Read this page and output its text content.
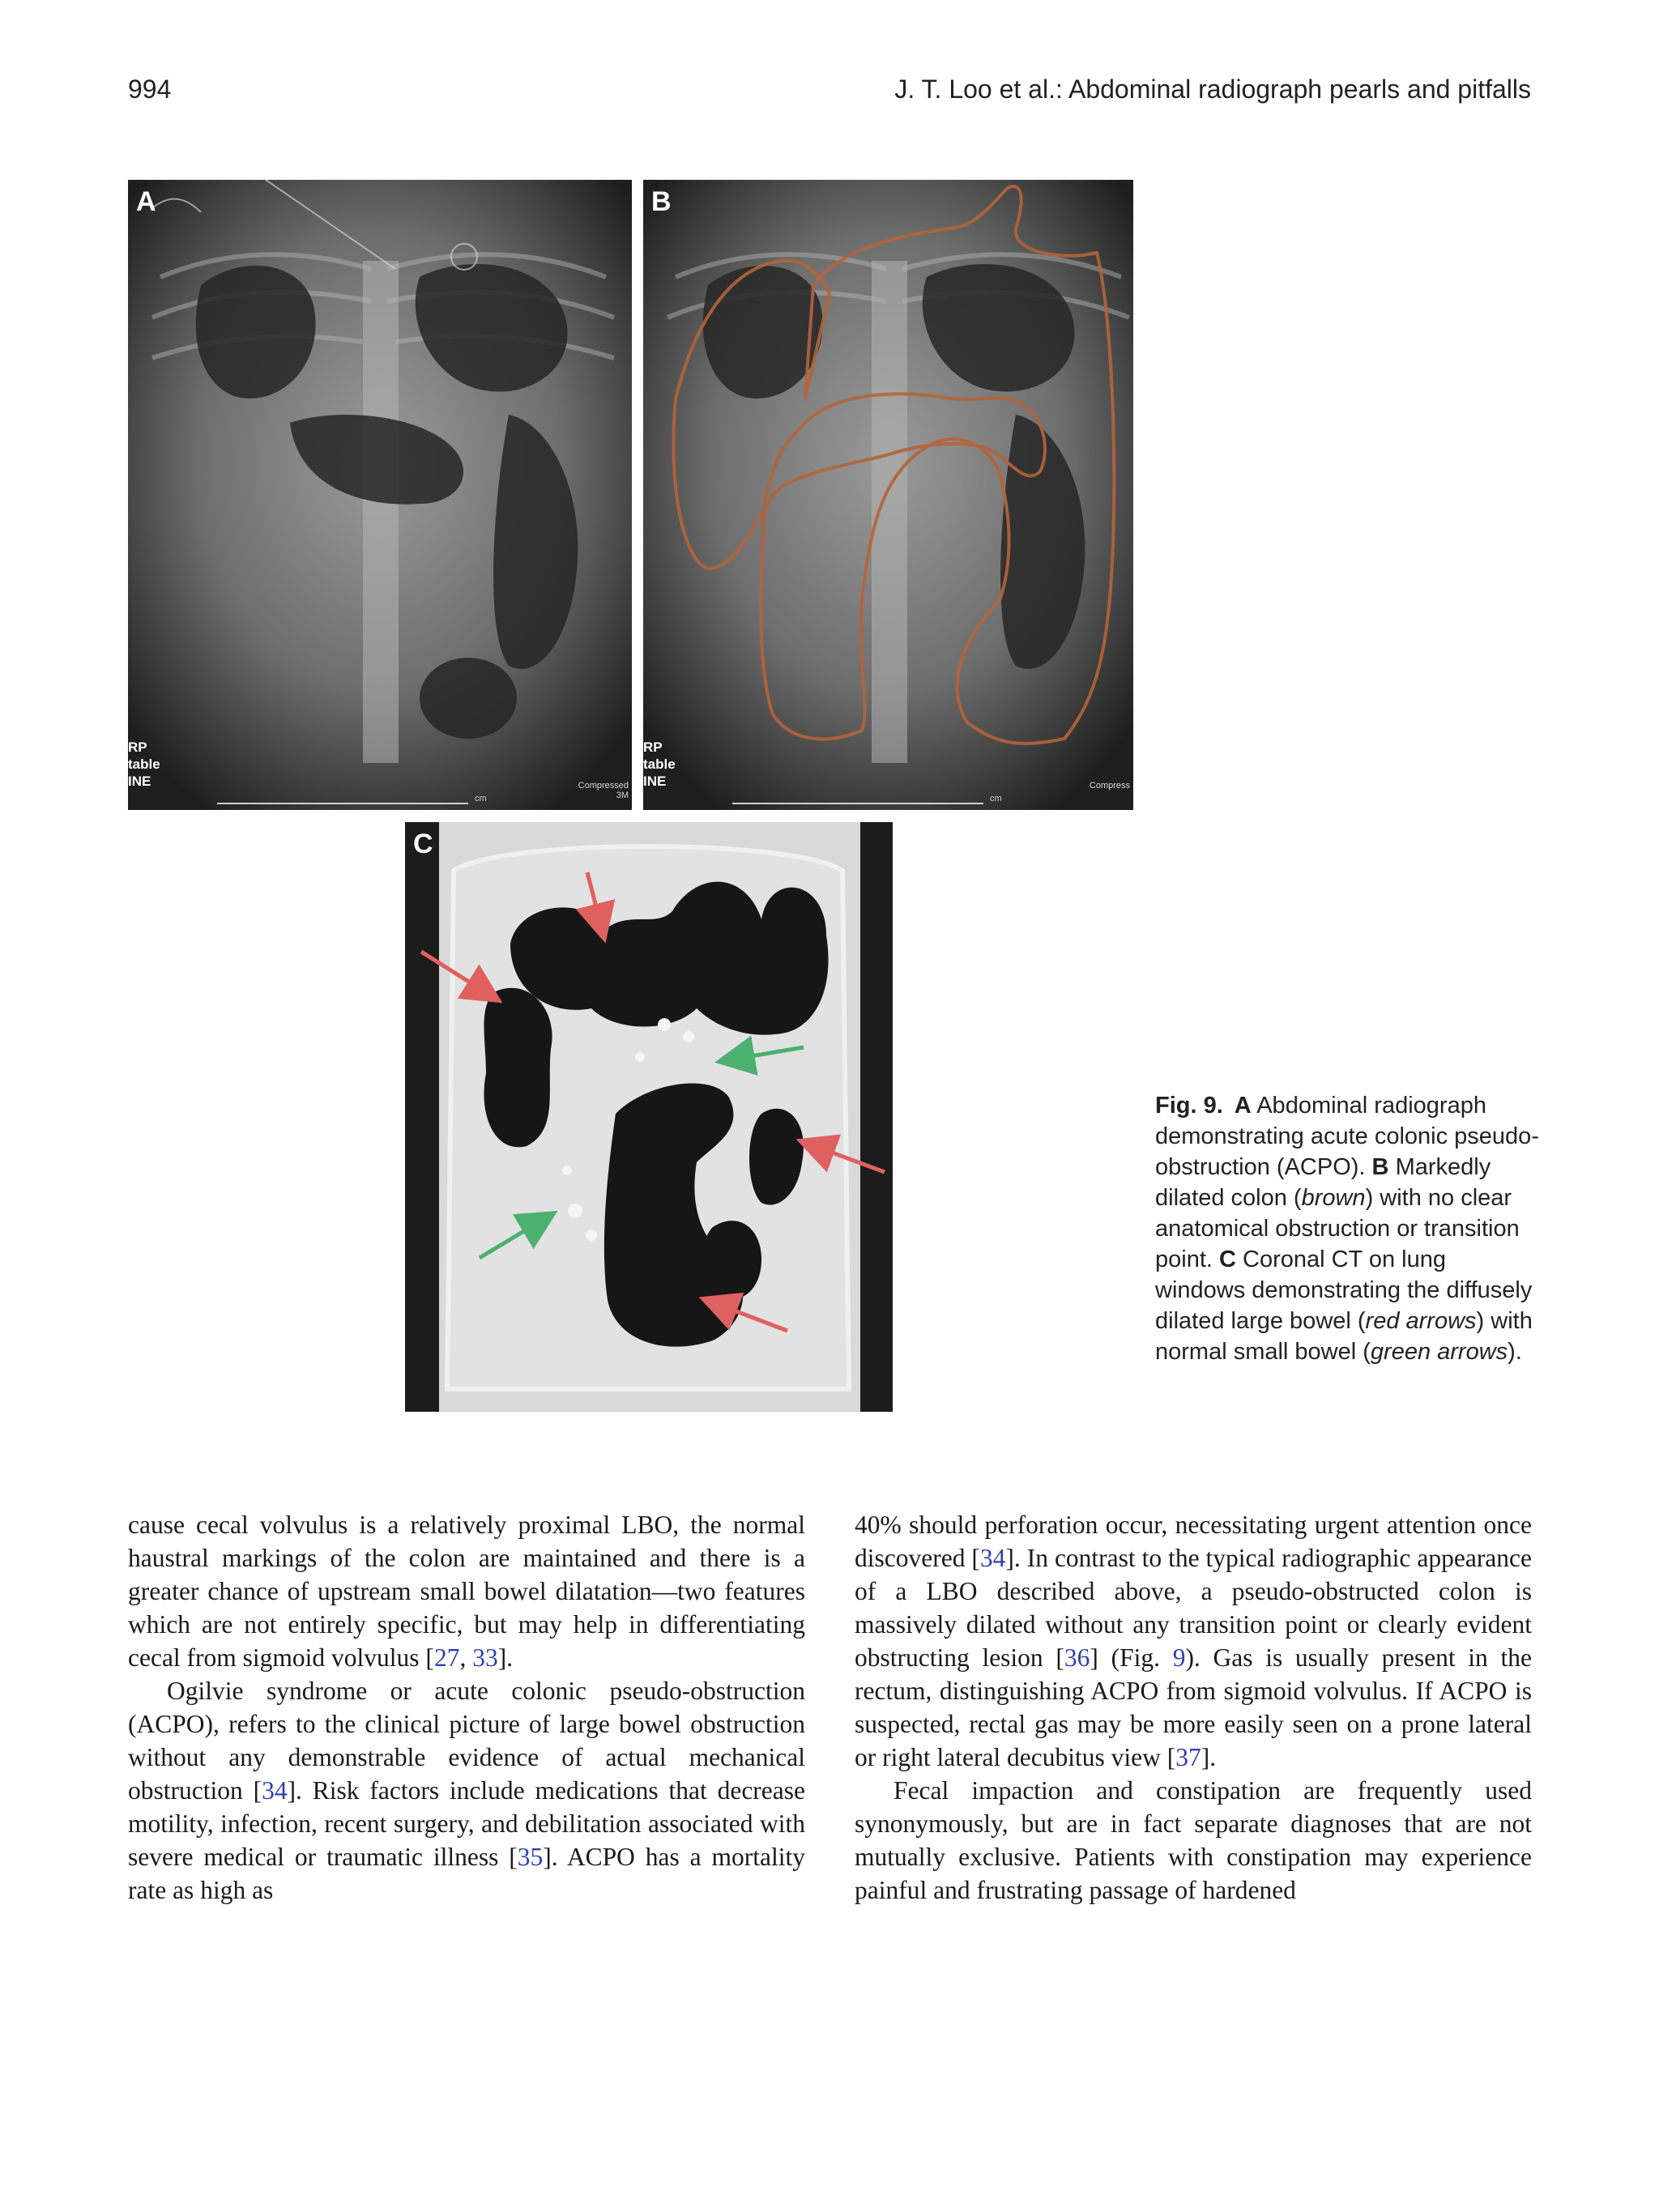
994	J. T. Loo et al.: Abdominal radiograph pearls and pitfalls
A
RP
table
INE	Compressed
3M
cm
B
RP
table
INE	Compress
cm
C
Fig. 9. A Abdominal radiograph demonstrating acute colonic pseudo-obstruction (ACPO). B Markedly dilated colon (brown) with no clear anatomical obstruction or transition point. C Coronal CT on lung windows demonstrating the diffusely dilated large bowel (red arrows) with normal small bowel (green arrows).

cause cecal volvulus is a relatively proximal LBO, the normal haustral markings of the colon are maintained and there is a greater chance of upstream small bowel dilatation—two features which are not entirely specific, but may help in differentiating cecal from sigmoid volvulus [27, 33].

Ogilvie syndrome or acute colonic pseudo-obstruction (ACPO), refers to the clinical picture of large bowel obstruction without any demonstrable evidence of actual mechanical obstruction [34]. Risk factors include medications that decrease motility, infection, recent surgery, and debilitation associated with severe medical or traumatic illness [35]. ACPO has a mortality rate as high as

40% should perforation occur, necessitating urgent attention once discovered [34]. In contrast to the typical radiographic appearance of a LBO described above, a pseudo-obstructed colon is massively dilated without any transition point or clearly evident obstructing lesion [36] (Fig. 9). Gas is usually present in the rectum, distinguishing ACPO from sigmoid volvulus. If ACPO is suspected, rectal gas may be more easily seen on a prone lateral or right lateral decubitus view [37].

Fecal impaction and constipation are frequently used synonymously, but are in fact separate diagnoses that are not mutually exclusive. Patients with constipation may experience painful and frustrating passage of hardened
